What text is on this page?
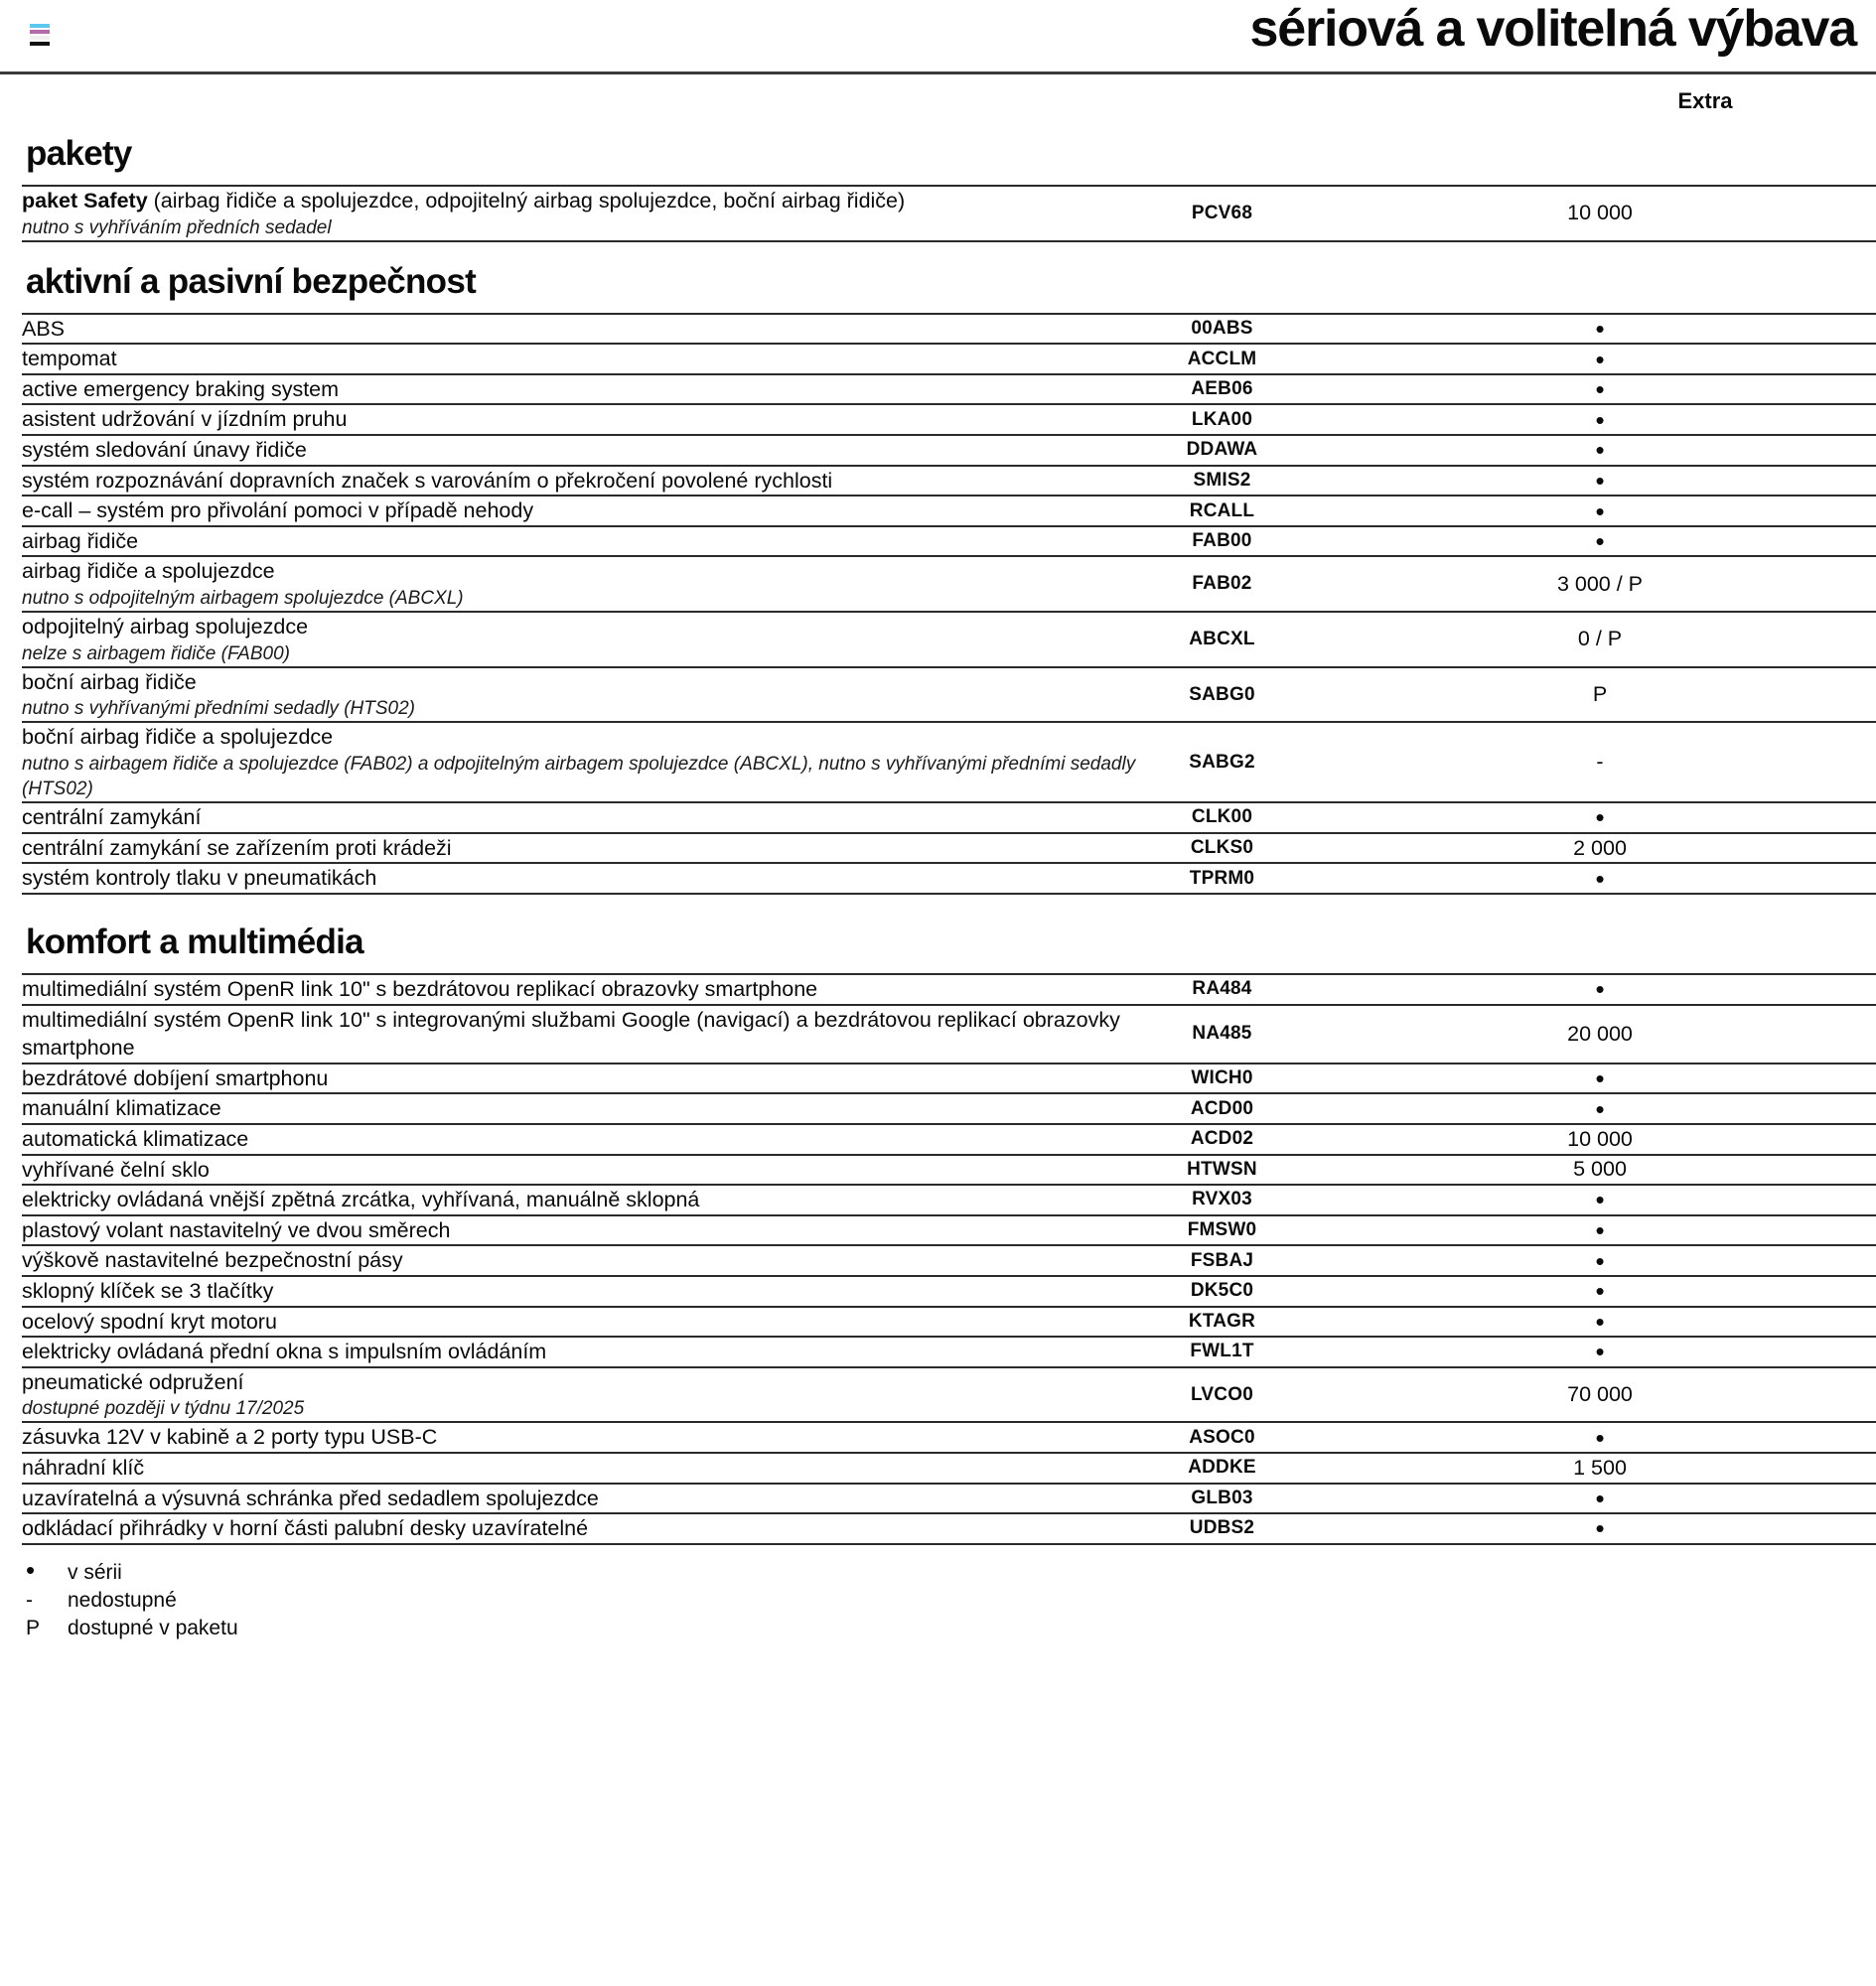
sériová a volitelná výbava
Extra
pakety
paket Safety (airbag řidiče a spolujezdce, odpojitelný airbag spolujezdce, boční airbag řidiče)
nutno s vyhříváním předních sedadel
	PCV68	10 000
aktivní a pasivní bezpečnost
ABS	00ABS	•

tempomat	ACCLM	•

active emergency braking system	AEB06	•

asistent udržování v jízdním pruhu	LKA00	•

systém sledování únavy řidiče	DDAWA	•

systém rozpoznávání dopravních značek s varováním o překročení povolené rychlosti	SMIS2	•

e-call – systém pro přivolání pomoci v případě nehody	RCALL	•

airbag řidiče	FAB00	•

airbag řidiče a spolujezdce
nutno s odpojitelným airbagem spolujezdce (ABCXL)	FAB02	3 000 / P

odpojitelný airbag spolujezdce
nelze s airbagem řidiče (FAB00)	ABCXL	0 / P

boční airbag řidiče
nutno s vyhřívanými předními sedadly (HTS02)	SABG0	P

boční airbag řidiče a spolujezdce
nutno s airbagem řidiče a spolujezdce (FAB02) a odpojitelným airbagem spolujezdce (ABCXL), nutno s vyhřívanými předními sedadly (HTS02)	SABG2	-

centrální zamykání	CLK00	•

centrální zamykání se zařízením proti krádeži	CLKS0	2 000

systém kontroly tlaku v pneumatikách	TPRM0	•
komfort a multimédia
multimediální systém OpenR link 10" s bezdrátovou replikací obrazovky smartphone	RA484	•

multimediální systém OpenR link 10" s integrovanými službami Google (navigací) a bezdrátovou replikací obrazovky smartphone	NA485	20 000

bezdrátové dobíjení smartphonu	WICH0	•

manuální klimatizace	ACD00	•

automatická klimatizace	ACD02	10 000

vyhřívané čelní sklo	HTWSN	5 000

elektricky ovládaná vnější zpětná zrcátka, vyhřívaná, manuálně sklopná	RVX03	•

plastový volant nastavitelný ve dvou směrech	FMSW0	•

výškově nastavitelné bezpečnostní pásy	FSBAJ	•

sklopný klíček se 3 tlačítky	DK5C0	•

ocelový spodní kryt motoru	KTAGR	•

elektricky ovládaná přední okna s impulsním ovládáním	FWL1T	•

pneumatické odpružení
dostupné později v týdnu 17/2025	LVCO0	70 000

zásuvka 12V v kabině a 2 porty typu USB-C	ASOC0	•

náhradní klíč	ADDKE	1 500

uzavíratelná a výsuvná schránka před sedadlem spolujezdce	GLB03	•

odkládací přihrádky v horní části palubní desky uzavíratelné	UDBS2	•
•	v sérii
-	nedostupné
P	dostupné v paketu
